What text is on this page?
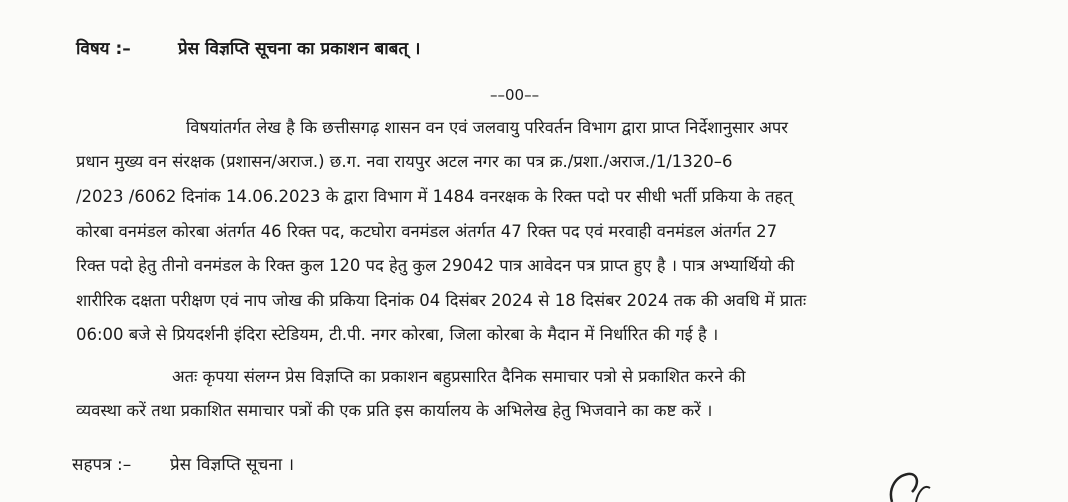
विषय :–	प्रेस विज्ञप्ति सूचना का प्रकाशन बाबत् ।
––00––
विषयांतर्गत लेख है कि छत्तीसगढ़ शासन वन एवं जलवायु परिवर्तन विभाग द्वारा प्राप्त निर्देशानुसार अपर
प्रधान मुख्य वन संरक्षक (प्रशासन/अराज.) छ.ग. नवा रायपुर अटल नगर का पत्र क्र./प्रशा./अराज./1/1320–6
/2023 /6062 दिनांक 14.06.2023 के द्वारा विभाग में 1484 वनरक्षक के रिक्त पदो पर सीधी भर्ती प्रकिया के तहत्
कोरबा वनमंडल कोरबा अंतर्गत 46 रिक्त पद, कटघोरा वनमंडल अंतर्गत 47 रिक्त पद एवं मरवाही वनमंडल अंतर्गत 27
रिक्त पदो हेतु तीनो वनमंडल के रिक्त कुल 120 पद हेतु कुल 29042 पात्र आवेदन पत्र प्राप्त हुए है । पात्र अभ्यार्थियो की
शारीरिक दक्षता परीक्षण एवं नाप जोख की प्रकिया दिनांक 04 दिसंबर 2024 से 18 दिसंबर 2024 तक की अवधि में प्रातः
06:00 बजे से प्रियदर्शनी इंदिरा स्टेडियम, टी.पी. नगर कोरबा, जिला कोरबा के मैदान में निर्धारित की गई है ।
अतः कृपया संलग्न प्रेस विज्ञप्ति का प्रकाशन बहुप्रसारित दैनिक समाचार पत्रो से प्रकाशित करने की
व्यवस्था करें तथा प्रकाशित समाचार पत्रों की एक प्रति इस कार्यालय के अभिलेख हेतु भिजवाने का कष्ट करें ।
सहपत्र :– प्रेस विज्ञप्ति सूचना ।
